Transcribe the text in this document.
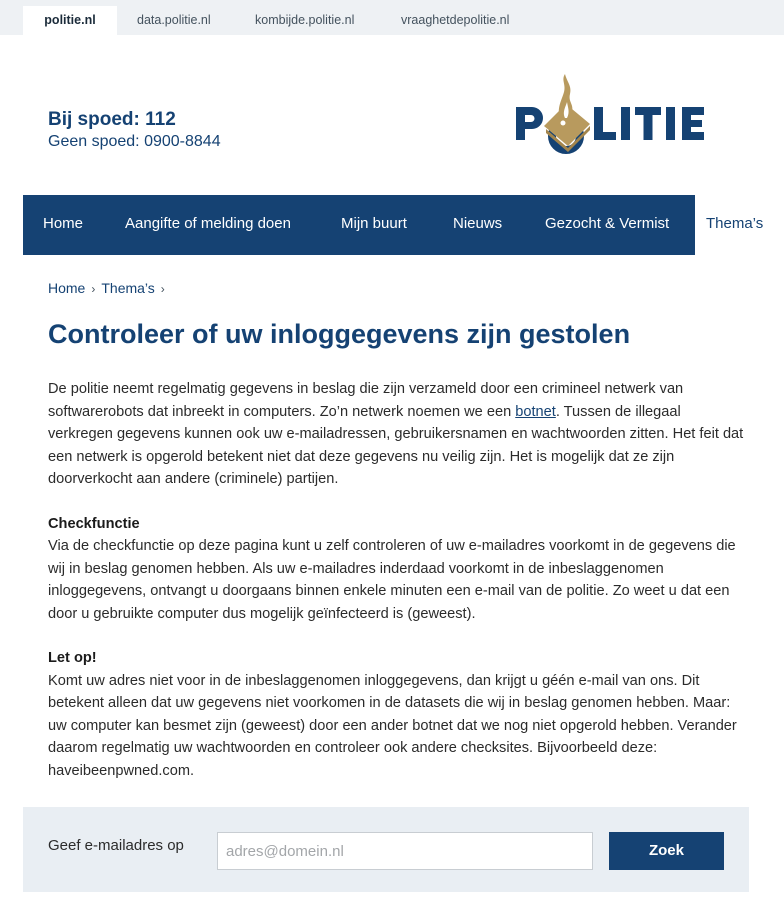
politie.nl	data.politie.nl	kombijde.politie.nl	vraaghetdepolitie.nl
Bij spoed: 112
Geen spoed: 0900-8844
Home	Aangifte of melding doen	Mijn buurt	Nieuws	Gezocht & Vermist Thema’s
Home › Thema’s ›
Controleer of uw inloggegevens zijn gestolen

De politie neemt regelmatig gegevens in beslag die zijn verzameld door een crimineel netwerk van softwarerobots dat inbreekt in computers. Zo’n netwerk noemen we een botnet. Tussen de illegaal verkregen gegevens kunnen ook uw e-mailadressen, gebruikersnamen en wachtwoorden zitten. Het feit dat een netwerk is opgerold betekent niet dat deze gegevens nu veilig zijn. Het is mogelijk dat ze zijn doorverkocht aan andere (criminele) partijen.

Checkfunctie

Via de checkfunctie op deze pagina kunt u zelf controleren of uw e-mailadres voorkomt in de gegevens die wij in beslag genomen hebben. Als uw e-mailadres inderdaad voorkomt in de inbeslaggenomen inloggegevens, ontvangt u doorgaans binnen enkele minuten een e-mail van de politie. Zo weet u dat een door u gebruikte computer dus mogelijk geïnfecteerd is (geweest).

Let op!

Komt uw adres niet voor in de inbeslaggenomen inloggegevens, dan krijgt u géén e-mail van ons. Dit betekent alleen dat uw gegevens niet voorkomen in de datasets die wij in beslag genomen hebben. Maar: uw computer kan besmet zijn (geweest) door een ander botnet dat we nog niet opgerold hebben. Verander daarom regelmatig uw wachtwoorden en controleer ook andere checksites. Bijvoorbeeld deze: haveibeenpwned.com.

Geef e-mailadres op
adres@domein.nl	Zoek
